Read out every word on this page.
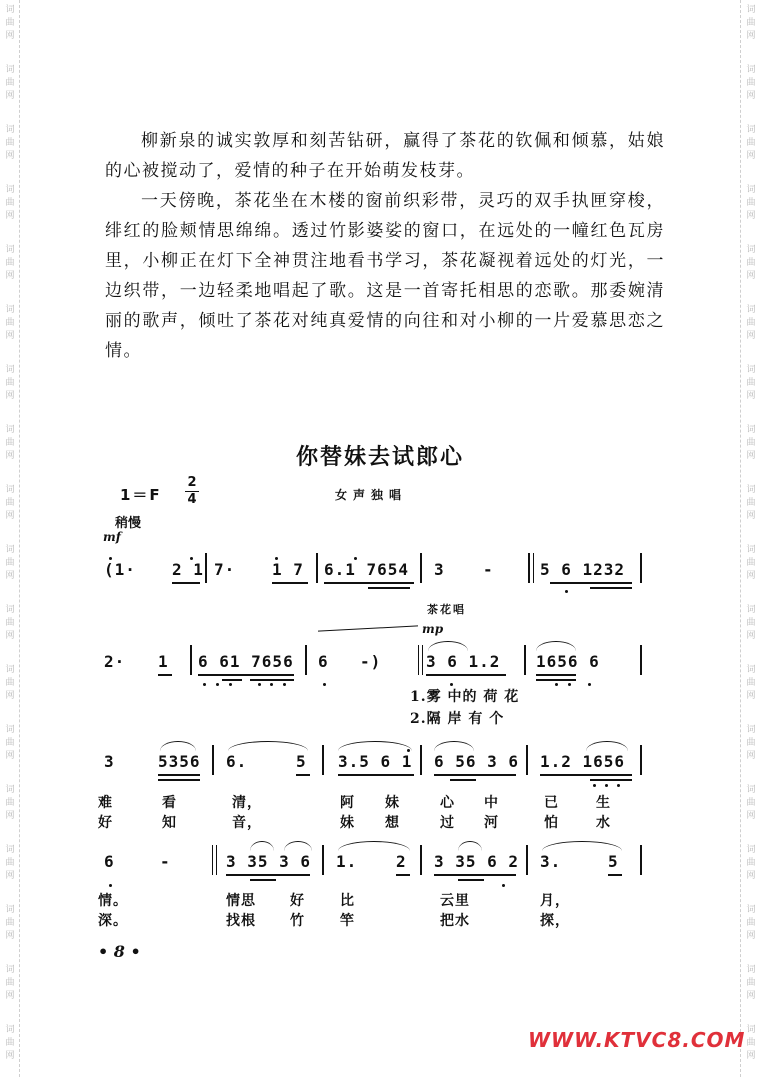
词
曲
网
词
曲
网
词
曲
网
词
曲
网
词
曲
网
词
曲
网
词
曲
网
词
曲
网
词
曲
网
词
曲
网
词
曲
网
词
曲
网
词
曲
网
词
曲
网
词
曲
网
词
曲
网
词
曲
网
词
曲
网
词
曲
网
词
曲
网
词
曲
网
词
曲
网
词
曲
网
词
曲
网
词
曲
网
词
曲
网
词
曲
网
词
曲
网
词
曲
网
词
曲
网
词
曲
网
词
曲
网
词
曲
网
词
曲
网
词
曲
网
词
曲
网

柳新泉的诚实敦厚和刻苦钻研，赢得了茶花的钦佩和倾慕，姑娘的心被搅动了，爱情的种子在开始萌发枝芽。

一天傍晚，茶花坐在木楼的窗前织彩带，灵巧的双手执匣穿梭，绯红的脸颊情思绵绵。透过竹影婆娑的窗口，在远处的一幢红色瓦房里，小柳正在灯下全神贯注地看书学习，茶花凝视着远处的灯光，一边织带，一边轻柔地唱起了歌。这是一首寄托相思的恋歌。那委婉清丽的歌声，倾吐了茶花对纯真爱情的向往和对小柳的一片爱慕思恋之情。

你替妹去试郎心
1＝F
2
4	女声独唱
稍慢
mf
茶花唱
mp
(1· 2 1 7· 1 7 6.1 7654 3 -	5 6 1232
2· 1 6 61 7656 6 -)	3 6 1.2 1656 6
1.雾 中的 荷 花
2.隔 岸 有 个
3	5356 6.	5 3.5 6 1 6 56 3 6 1.2 1656
难	看	清，	阿 妹	心 中	已	生
好	知	音，	妹 想	过 河	怕	水
6	-	3 35 3 6 1. 2 3 35 6 2 3.	5
情。	情思 好	比	云里	月，
深。	找根 竹	竿	把水	探，
• 8 •
WWW.KTVC8.COM
